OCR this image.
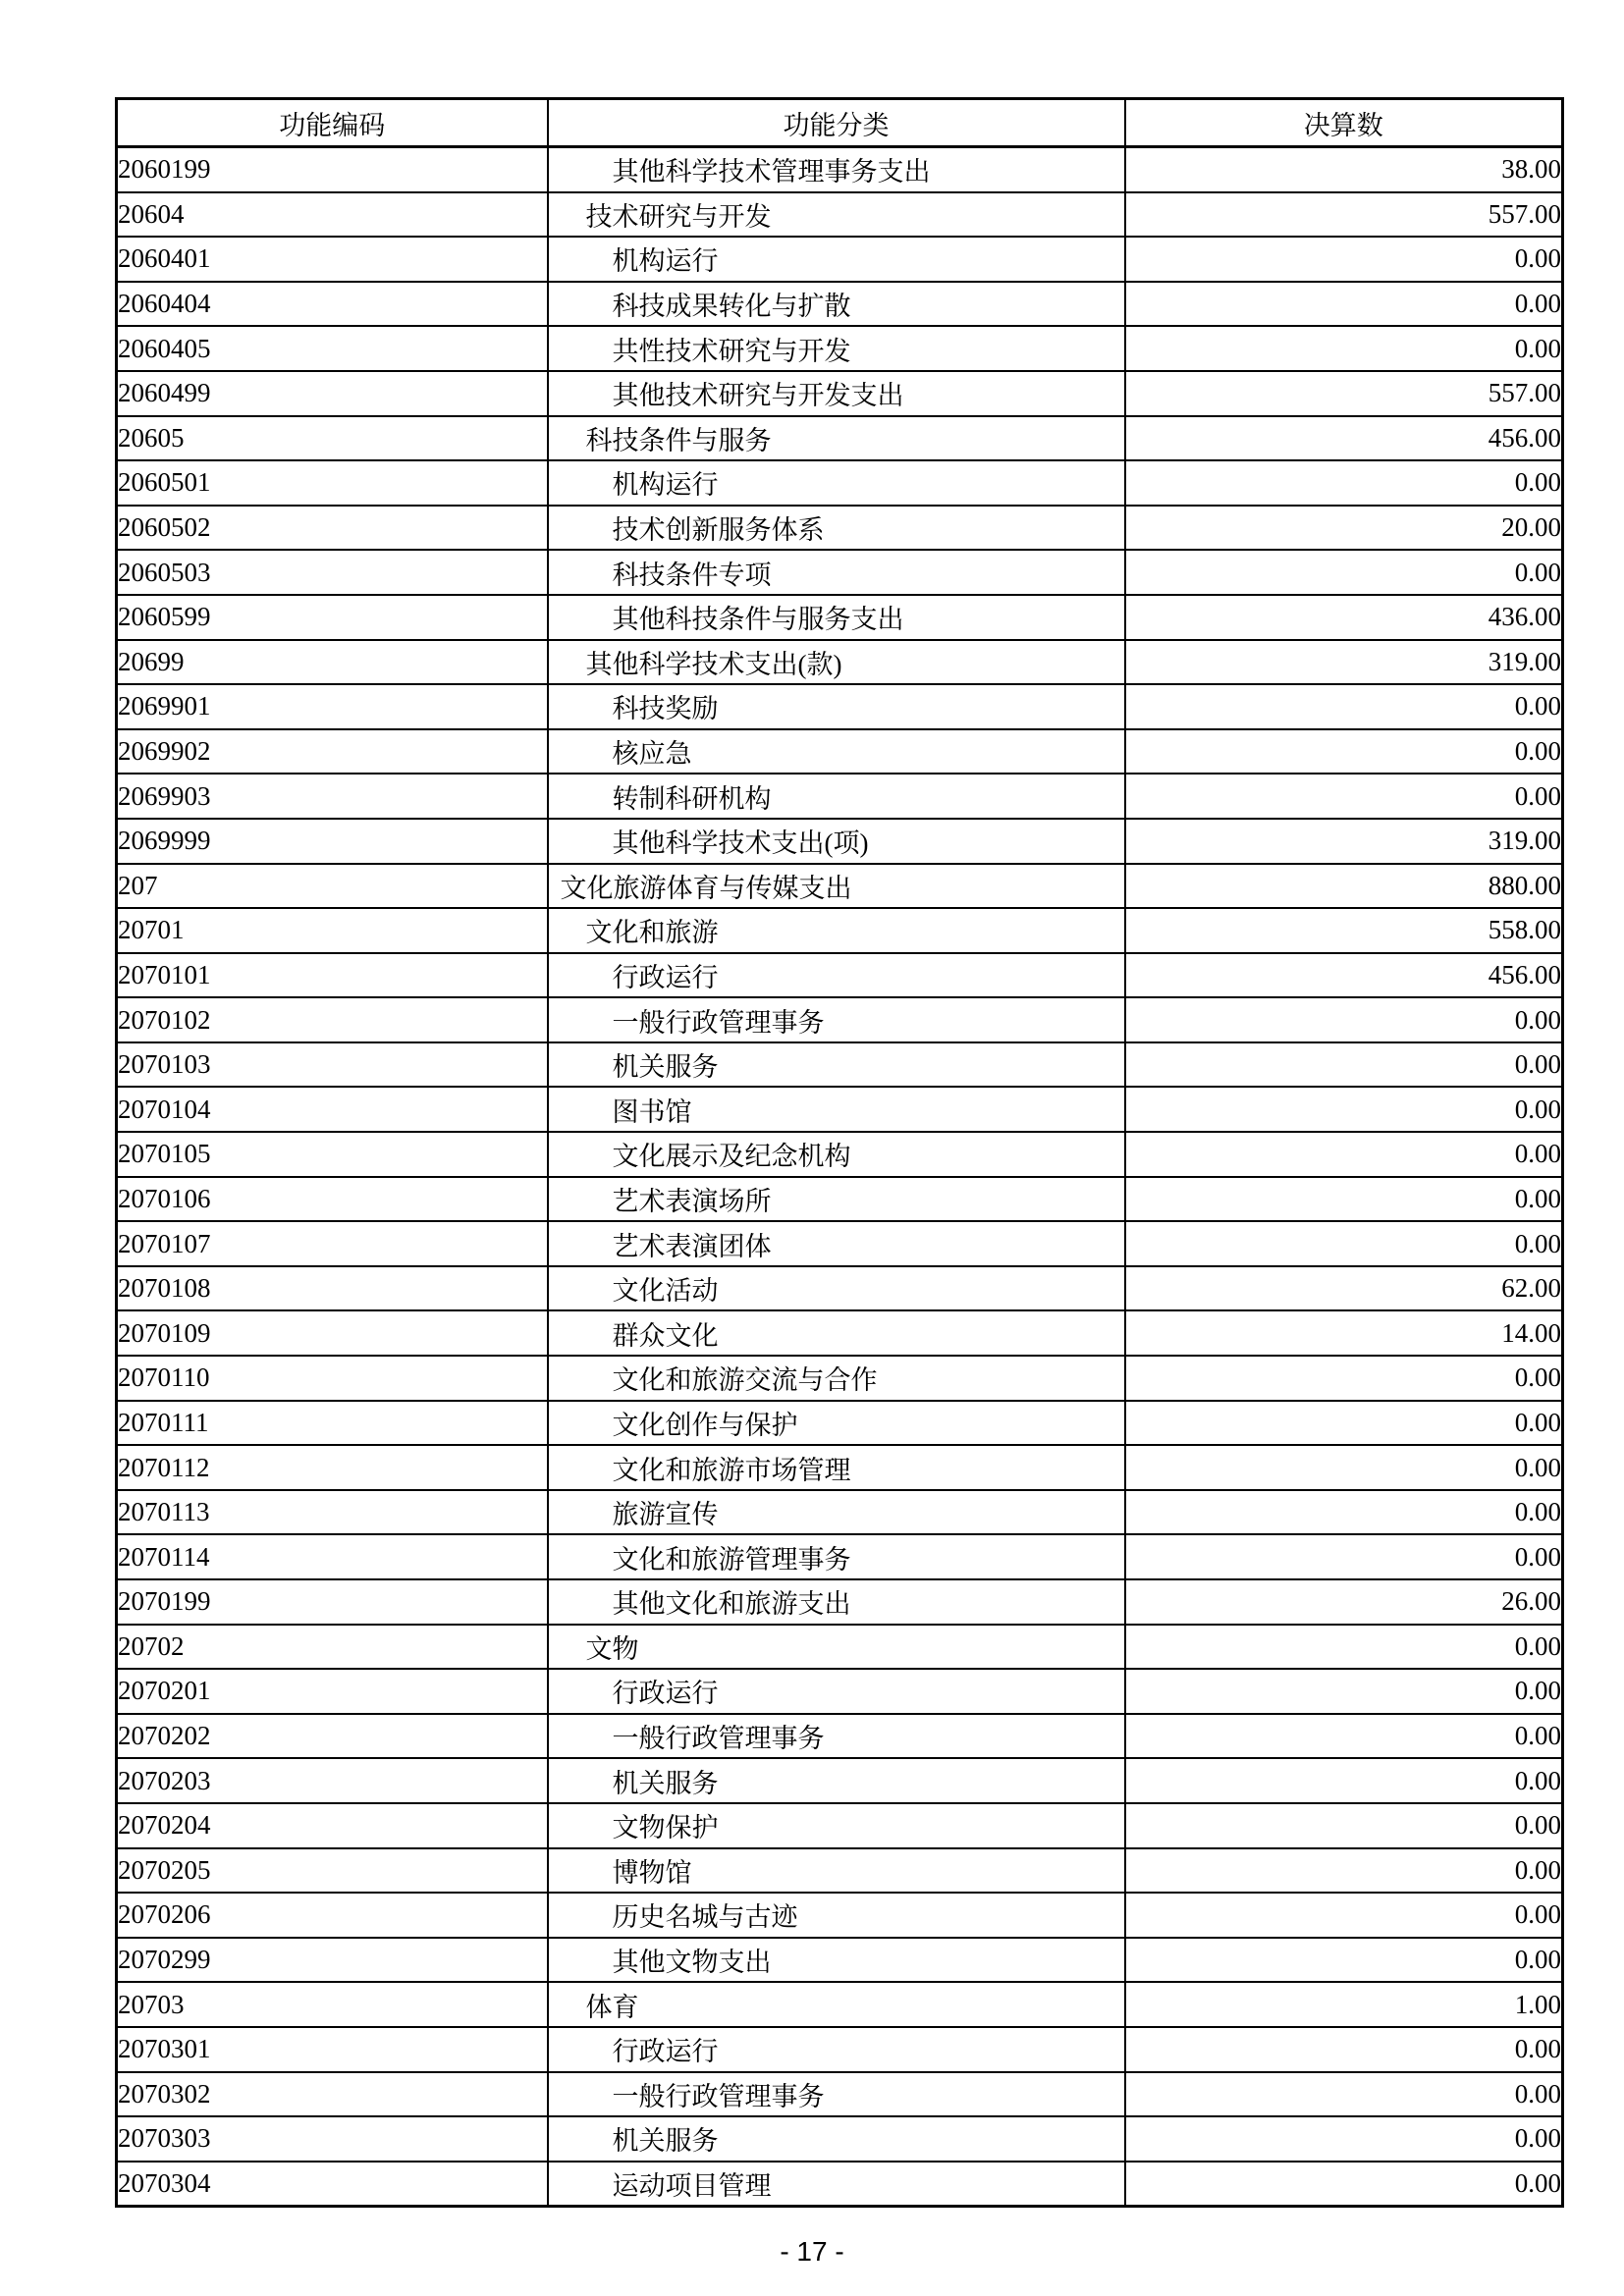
功能编码	功能分类	决算数
2060199	其他科学技术管理事务支出	38.00
20604	技术研究与开发	557.00
2060401	机构运行	0.00
2060404	科技成果转化与扩散	0.00
2060405	共性技术研究与开发	0.00
2060499	其他技术研究与开发支出	557.00
20605	科技条件与服务	456.00
2060501	机构运行	0.00
2060502	技术创新服务体系	20.00
2060503	科技条件专项	0.00
2060599	其他科技条件与服务支出	436.00
20699	其他科学技术支出(款)	319.00
2069901	科技奖励	0.00
2069902	核应急	0.00
2069903	转制科研机构	0.00
2069999	其他科学技术支出(项)	319.00
207	文化旅游体育与传媒支出	880.00
20701	文化和旅游	558.00
2070101	行政运行	456.00
2070102	一般行政管理事务	0.00
2070103	机关服务	0.00
2070104	图书馆	0.00
2070105	文化展示及纪念机构	0.00
2070106	艺术表演场所	0.00
2070107	艺术表演团体	0.00
2070108	文化活动	62.00
2070109	群众文化	14.00
2070110	文化和旅游交流与合作	0.00
2070111	文化创作与保护	0.00
2070112	文化和旅游市场管理	0.00
2070113	旅游宣传	0.00
2070114	文化和旅游管理事务	0.00
2070199	其他文化和旅游支出	26.00
20702	文物	0.00
2070201	行政运行	0.00
2070202	一般行政管理事务	0.00
2070203	机关服务	0.00
2070204	文物保护	0.00
2070205	博物馆	0.00
2070206	历史名城与古迹	0.00
2070299	其他文物支出	0.00
20703	体育	1.00
2070301	行政运行	0.00
2070302	一般行政管理事务	0.00
2070303	机关服务	0.00
2070304	运动项目管理	0.00
- 17 -
